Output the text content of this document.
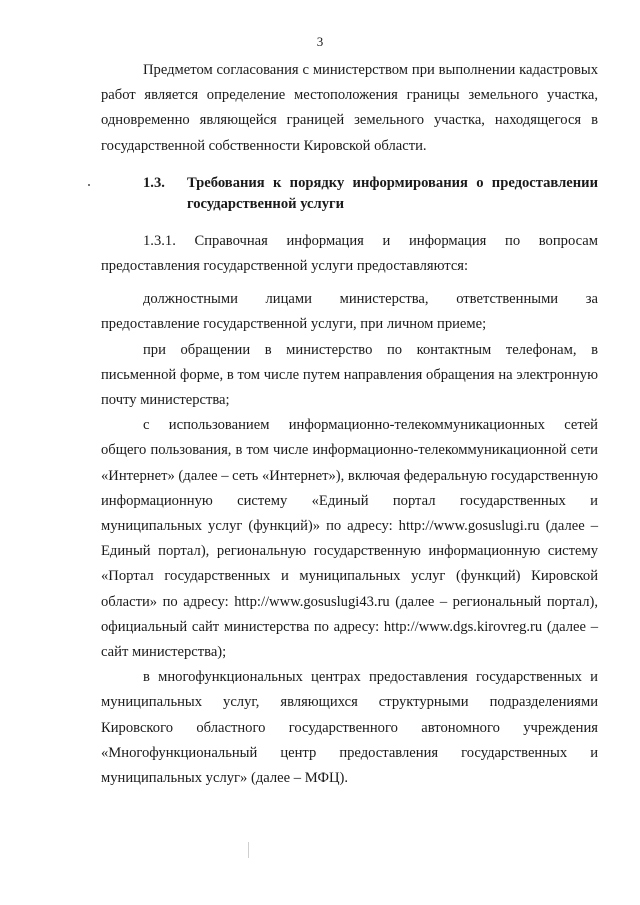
3

Предметом согласования с министерством при выполнении кадастровых работ является определение местоположения границы земельного участка, одновременно являющейся границей земельного участка, находящегося в государственной собственности Кировской области.

1.3.	Требования к порядку информирования о предоставлении государственной услуги

1.3.1. Справочная информация и информация по вопросам предоставления государственной услуги предоставляются:

должностными лицами министерства, ответственными за предоставление государственной услуги, при личном приеме;

при обращении в министерство по контактным телефонам, в письменной форме, в том числе путем направления обращения на электронную почту министерства;

с использованием информационно-телекоммуникационных сетей общего пользования, в том числе информационно-телекоммуникационной сети «Интернет» (далее – сеть «Интернет»), включая федеральную государственную информационную систему «Единый портал государственных и муниципальных услуг (функций)» по адресу: http://www.gosuslugi.ru (далее – Единый портал), региональную государственную информационную систему «Портал государственных и муниципальных услуг (функций) Кировской области» по адресу: http://www.gosuslugi43.ru (далее – региональный портал), официальный сайт министерства по адресу: http://www.dgs.kirovreg.ru (далее – сайт министерства);

в многофункциональных центрах предоставления государственных и муниципальных услуг, являющихся структурными подразделениями Кировского областного государственного автономного учреждения «Многофункциональный центр предоставления государственных и муниципальных услуг» (далее – МФЦ).
